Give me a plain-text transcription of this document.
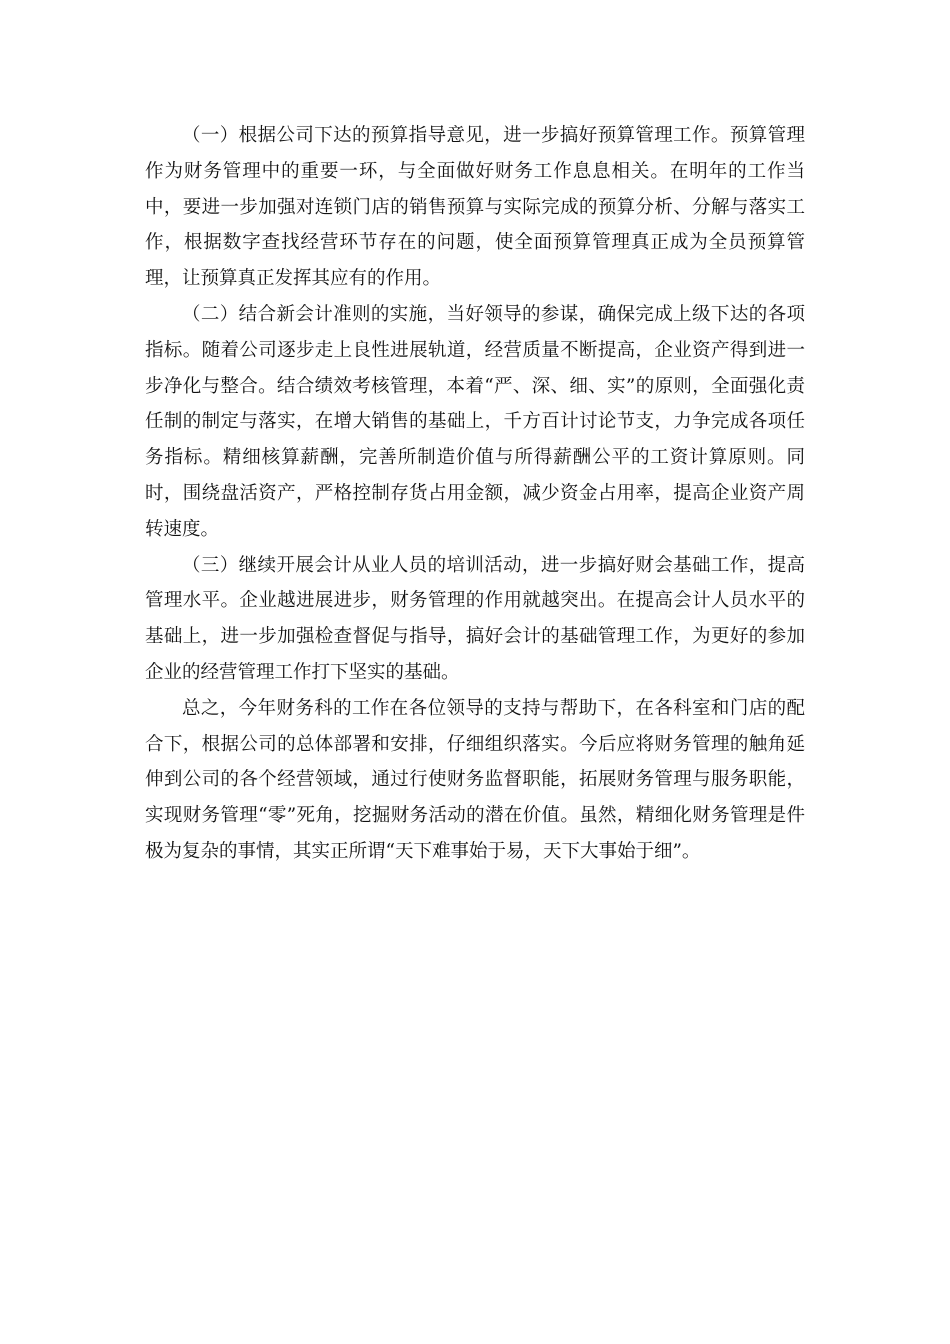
（一）根据公司下达的预算指导意见，进一步搞好预算管理工作。预算管理作为财务管理中的重要一环，与全面做好财务工作息息相关。在明年的工作当中，要进一步加强对连锁门店的销售预算与实际完成的预算分析、分解与落实工作，根据数字查找经营环节存在的问题，使全面预算管理真正成为全员预算管理，让预算真正发挥其应有的作用。

（二）结合新会计准则的实施，当好领导的参谋，确保完成上级下达的各项指标。随着公司逐步走上良性进展轨道，经营质量不断提高，企业资产得到进一步净化与整合。结合绩效考核管理，本着“严、深、细、实”的原则，全面强化责任制的制定与落实，在增大销售的基础上，千方百计讨论节支，力争完成各项任务指标。精细核算薪酬，完善所制造价值与所得薪酬公平的工资计算原则。同时，围绕盘活资产，严格控制存货占用金额，减少资金占用率，提高企业资产周转速度。

（三）继续开展会计从业人员的培训活动，进一步搞好财会基础工作，提高管理水平。企业越进展进步，财务管理的作用就越突出。在提高会计人员水平的基础上，进一步加强检查督促与指导，搞好会计的基础管理工作，为更好的参加企业的经营管理工作打下坚实的基础。

总之，今年财务科的工作在各位领导的支持与帮助下，在各科室和门店的配合下，根据公司的总体部署和安排，仔细组织落实。今后应将财务管理的触角延伸到公司的各个经营领域，通过行使财务监督职能，拓展财务管理与服务职能，实现财务管理“零”死角，挖掘财务活动的潜在价值。虽然，精细化财务管理是件极为复杂的事情，其实正所谓“天下难事始于易，天下大事始于细”。
